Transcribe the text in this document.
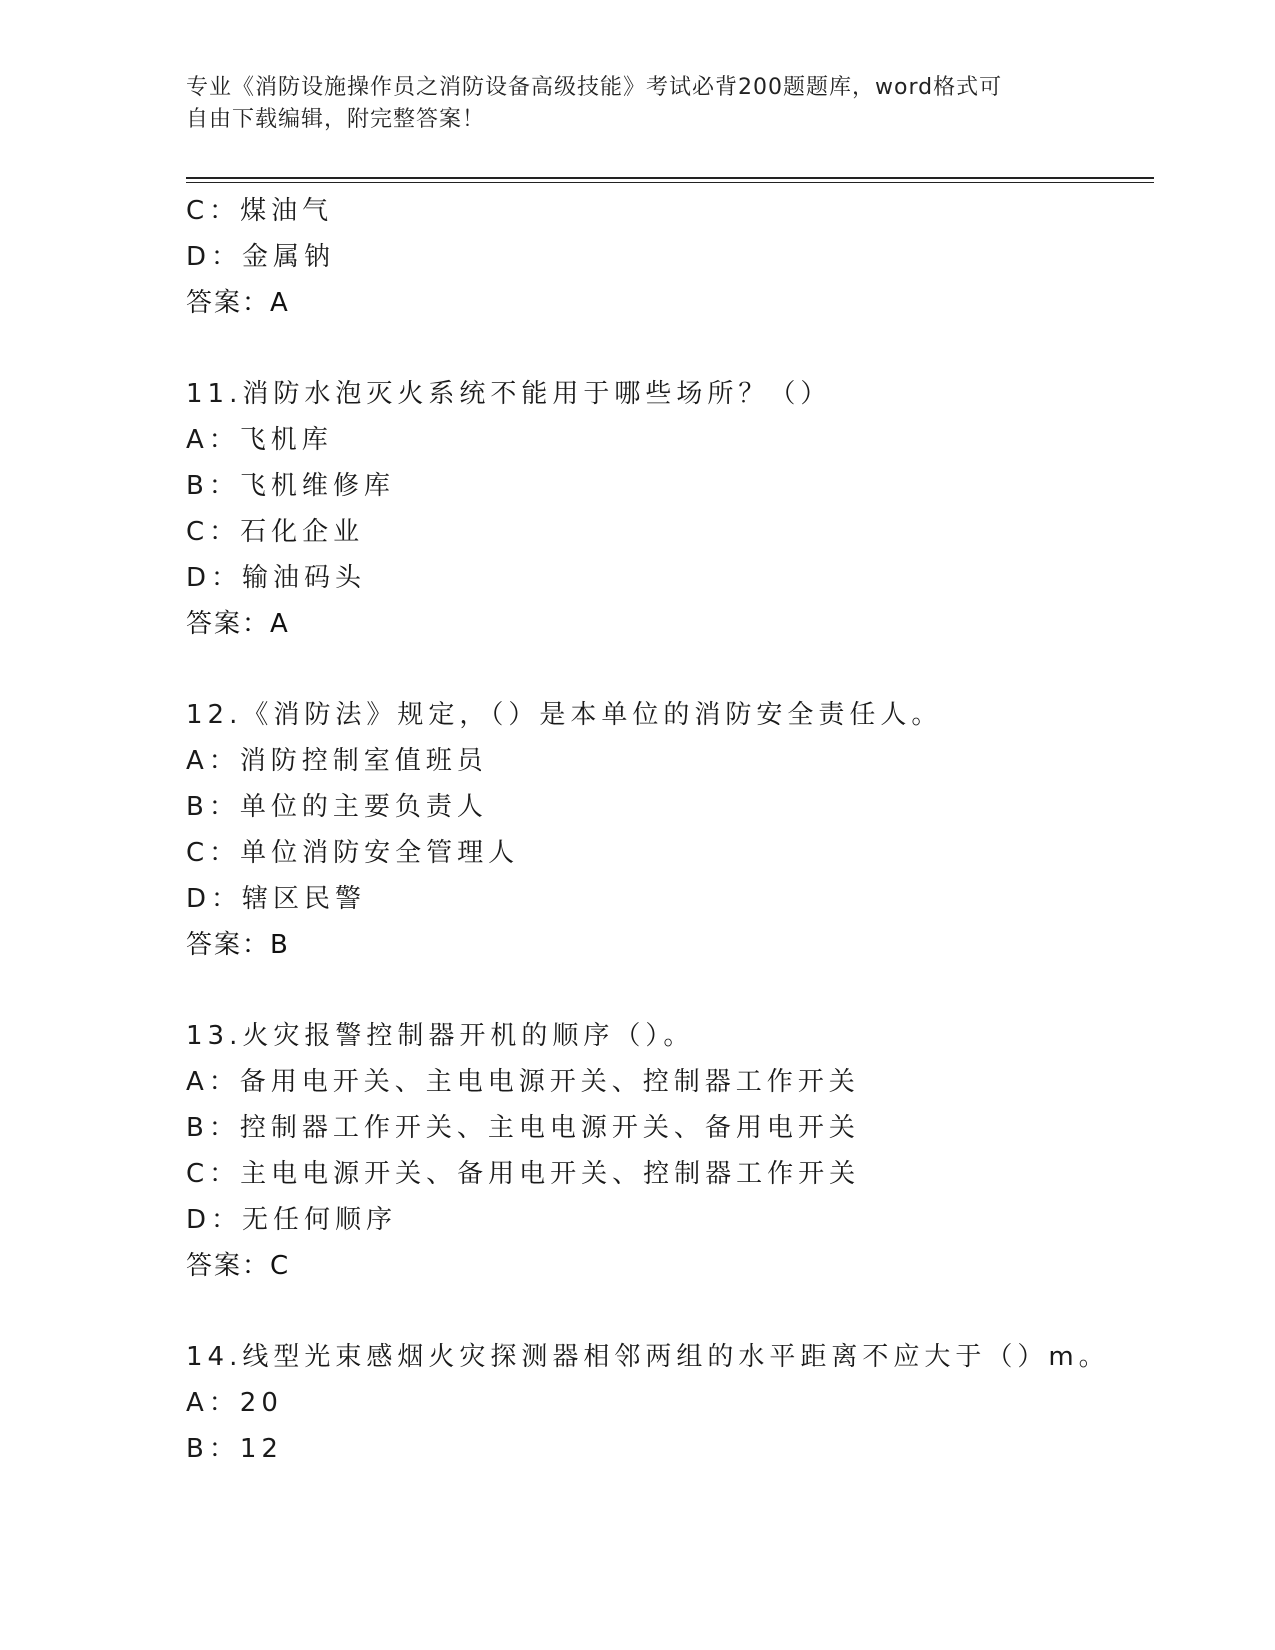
专业《消防设施操作员之消防设备高级技能》考试必背200题题库，word格式可
自由下载编辑，附完整答案！
C：煤油气
D：金属钠
答案：A
11.消防水泡灭火系统不能用于哪些场所？（）
A：飞机库
B：飞机维修库
C：石化企业
D：输油码头
答案：A
12.《消防法》规定，（）是本单位的消防安全责任人。
A：消防控制室值班员
B：单位的主要负责人
C：单位消防安全管理人
D：辖区民警
答案：B
13.火灾报警控制器开机的顺序（）。
A：备用电开关、主电电源开关、控制器工作开关
B：控制器工作开关、主电电源开关、备用电开关
C：主电电源开关、备用电开关、控制器工作开关
D：无任何顺序
答案：C
14.线型光束感烟火灾探测器相邻两组的水平距离不应大于（）m。
A：20
B：12
